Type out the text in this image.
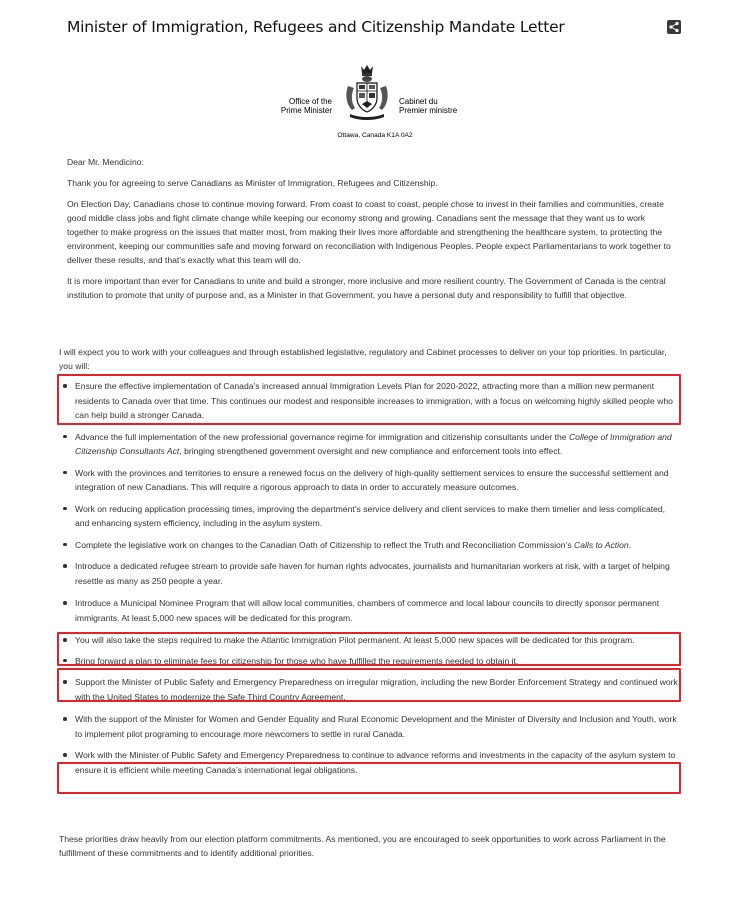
Minister of Immigration, Refugees and Citizenship Mandate Letter
Office of the
Prime Minister
Cabinet du
Premier ministre
Ottawa, Canada K1A 0A2

Dear Mr. Mendicino:

Thank you for agreeing to serve Canadians as Minister of Immigration, Refugees and Citizenship.

On Election Day, Canadians chose to continue moving forward. From coast to coast to coast, people chose to invest in their families and communities, create good middle class jobs and fight climate change while keeping our economy strong and growing. Canadians sent the message that they want us to work together to make progress on the issues that matter most, from making their lives more affordable and strengthening the healthcare system, to protecting the environment, keeping our communities safe and moving forward on reconciliation with Indigenous Peoples. People expect Parliamentarians to work together to deliver these results, and that’s exactly what this team will do.

It is more important than ever for Canadians to unite and build a stronger, more inclusive and more resilient country. The Government of Canada is the central institution to promote that unity of purpose and, as a Minister in that Government, you have a personal duty and responsibility to fulfill that objective.

I will expect you to work with your colleagues and through established legislative, regulatory and Cabinet processes to deliver on your top priorities. In particular, you will:

Ensure the effective implementation of Canada’s increased annual Immigration Levels Plan for 2020-2022, attracting more than a million new permanent residents to Canada over that time. This continues our modest and responsible increases to immigration, with a focus on welcoming highly skilled people who can help build a stronger Canada.
Advance the full implementation of the new professional governance regime for immigration and citizenship consultants under the College of Immigration and Citizenship Consultants Act, bringing strengthened government oversight and new compliance and enforcement tools into effect.
Work with the provinces and territories to ensure a renewed focus on the delivery of high-quality settlement services to ensure the successful settlement and integration of new Canadians. This will require a rigorous approach to data in order to accurately measure outcomes.
Work on reducing application processing times, improving the department’s service delivery and client services to make them timelier and less complicated, and enhancing system efficiency, including in the asylum system.
Complete the legislative work on changes to the Canadian Oath of Citizenship to reflect the Truth and Reconciliation Commission’s Calls to Action.
Introduce a dedicated refugee stream to provide safe haven for human rights advocates, journalists and humanitarian workers at risk, with a target of helping resettle as many as 250 people a year.
Introduce a Municipal Nominee Program that will allow local communities, chambers of commerce and local labour councils to directly sponsor permanent immigrants. At least 5,000 new spaces will be dedicated for this program.
You will also take the steps required to make the Atlantic Immigration Pilot permanent. At least 5,000 new spaces will be dedicated for this program.
Bring forward a plan to eliminate fees for citizenship for those who have fulfilled the requirements needed to obtain it.
Support the Minister of Public Safety and Emergency Preparedness on irregular migration, including the new Border Enforcement Strategy and continued work with the United States to modernize the Safe Third Country Agreement.
With the support of the Minister for Women and Gender Equality and Rural Economic Development and the Minister of Diversity and Inclusion and Youth, work to implement pilot programing to encourage more newcomers to settle in rural Canada.
Work with the Minister of Public Safety and Emergency Preparedness to continue to advance reforms and investments in the capacity of the asylum system to ensure it is efficient while meeting Canada’s international legal obligations.

These priorities draw heavily from our election platform commitments. As mentioned, you are encouraged to seek opportunities to work across Parliament in the fulfillment of these commitments and to identify additional priorities.
